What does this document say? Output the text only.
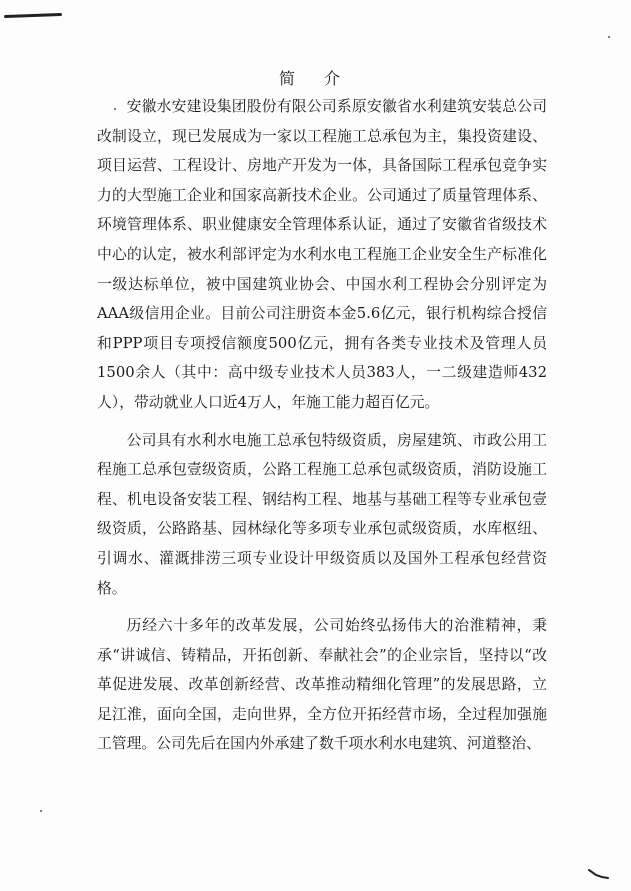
简 介

安徽水安建设集团股份有限公司系原安徽省水利建筑安装总公司改制设立，现已发展成为一家以工程施工总承包为主，集投资建设、项目运营、工程设计、房地产开发为一体，具备国际工程承包竞争实力的大型施工企业和国家高新技术企业。公司通过了质量管理体系、环境管理体系、职业健康安全管理体系认证，通过了安徽省省级技术中心的认定，被水利部评定为水利水电工程施工企业安全生产标准化一级达标单位，被中国建筑业协会、中国水利工程协会分别评定为AAA级信用企业。目前公司注册资本金5.6亿元，银行机构综合授信和PPP项目专项授信额度500亿元，拥有各类专业技术及管理人员1500余人（其中：高中级专业技术人员383人，一二级建造师432人），带动就业人口近4万人，年施工能力超百亿元。

公司具有水利水电施工总承包特级资质，房屋建筑、市政公用工程施工总承包壹级资质，公路工程施工总承包贰级资质，消防设施工程、机电设备安装工程、钢结构工程、地基与基础工程等专业承包壹级资质，公路路基、园林绿化等多项专业承包贰级资质，水库枢纽、引调水、灌溉排涝三项专业设计甲级资质以及国外工程承包经营资格。

历经六十多年的改革发展，公司始终弘扬伟大的治淮精神，秉承“讲诚信、铸精品，开拓创新、奉献社会”的企业宗旨，坚持以“改革促进发展、改革创新经营、改革推动精细化管理”的发展思路，立足江淮，面向全国，走向世界，全方位开拓经营市场，全过程加强施工管理。公司先后在国内外承建了数千项水利水电建筑、河道整治、
